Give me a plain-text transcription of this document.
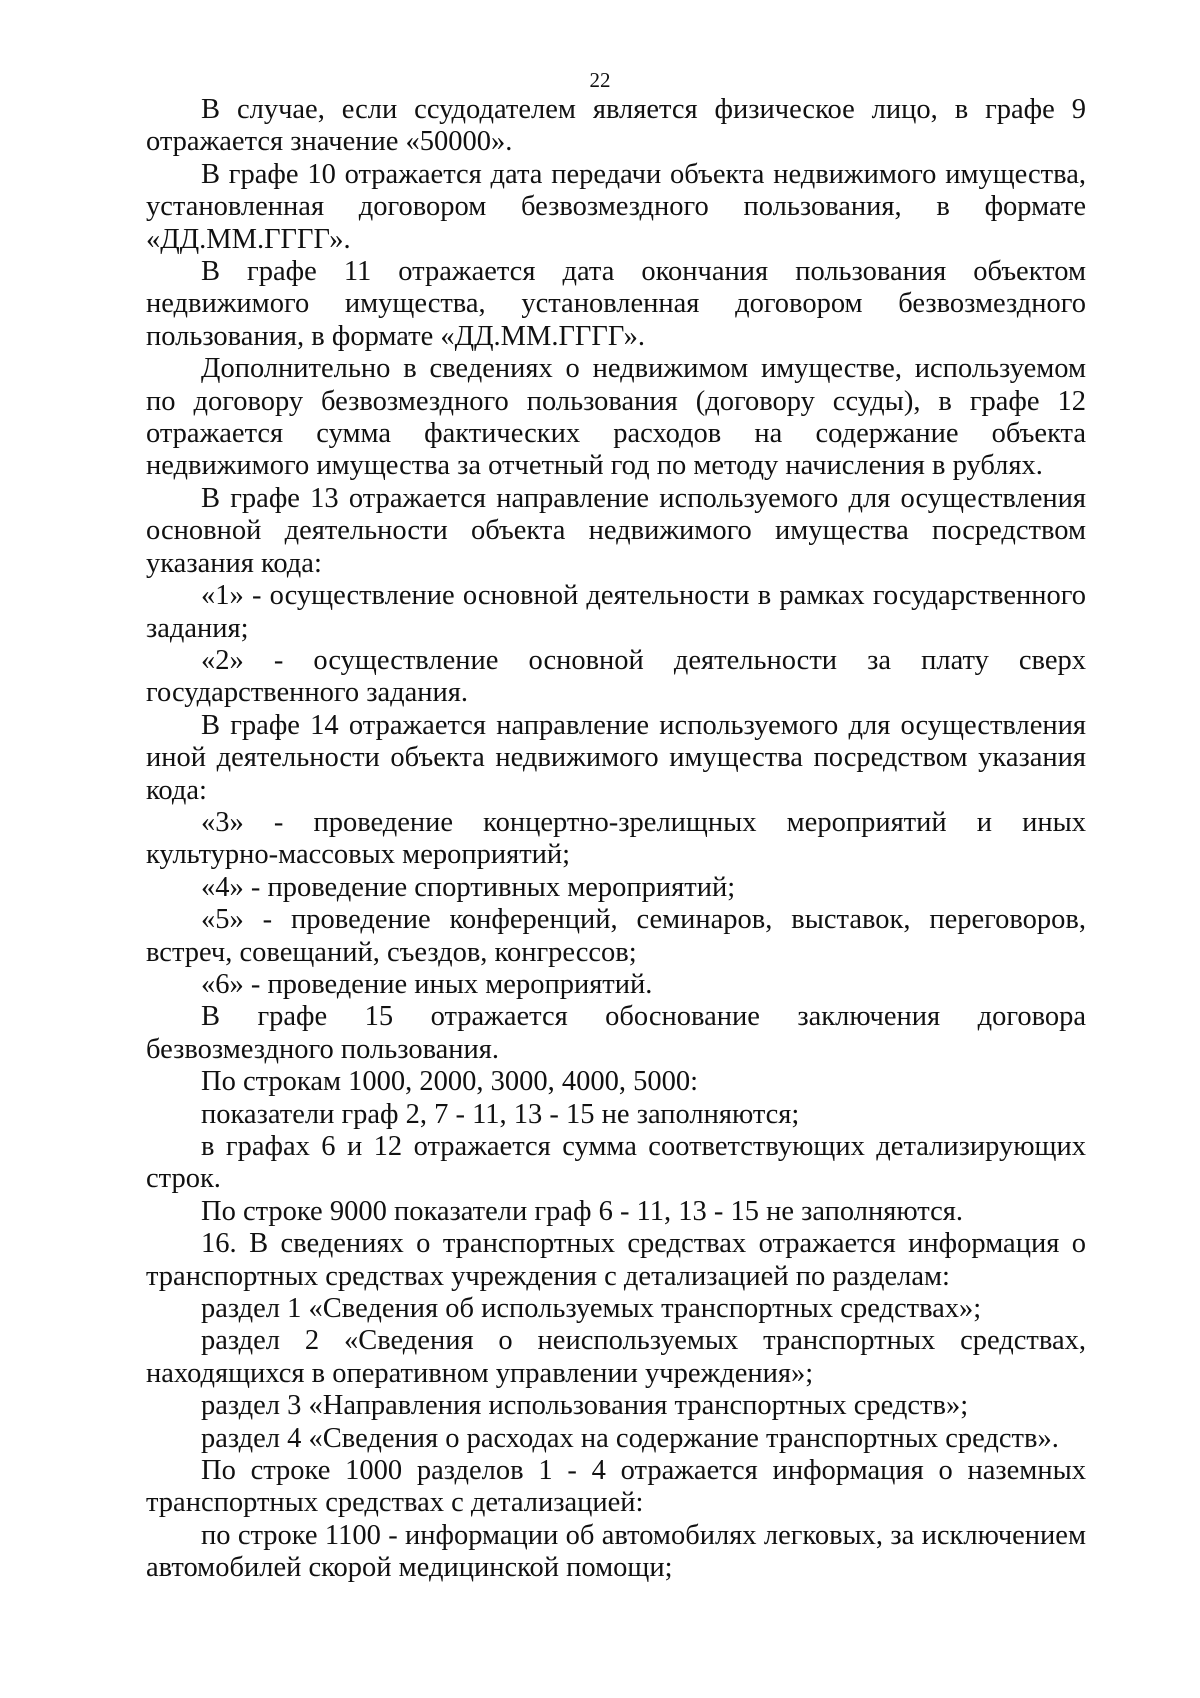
22

В случае, если ссудодателем является физическое лицо, в графе 9 отражается значение «50000».

В графе 10 отражается дата передачи объекта недвижимого имущества, установленная договором безвозмездного пользования, в формате «ДД.ММ.ГГГГ».

В графе 11 отражается дата окончания пользования объектом недвижимого имущества, установленная договором безвозмездного пользования, в формате «ДД.ММ.ГГГГ».

Дополнительно в сведениях о недвижимом имуществе, используемом по договору безвозмездного пользования (договору ссуды), в графе 12 отражается сумма фактических расходов на содержание объекта недвижимого имущества за отчетный год по методу начисления в рублях.

В графе 13 отражается направление используемого для осуществления основной деятельности объекта недвижимого имущества посредством указания кода:

«1» - осуществление основной деятельности в рамках государственного задания;

«2» - осуществление основной деятельности за плату сверх государственного задания.

В графе 14 отражается направление используемого для осуществления иной деятельности объекта недвижимого имущества посредством указания кода:

«3» - проведение концертно-зрелищных мероприятий и иных культурно-массовых мероприятий;

«4» - проведение спортивных мероприятий;

«5» - проведение конференций, семинаров, выставок, переговоров, встреч, совещаний, съездов, конгрессов;

«6» - проведение иных мероприятий.

В графе 15 отражается обоснование заключения договора безвозмездного пользования.

По строкам 1000, 2000, 3000, 4000, 5000:

показатели граф 2, 7 - 11, 13 - 15 не заполняются;

в графах 6 и 12 отражается сумма соответствующих детализирующих строк.

По строке 9000 показатели граф 6 - 11, 13 - 15 не заполняются.

16. В сведениях о транспортных средствах отражается информация о транспортных средствах учреждения с детализацией по разделам:

раздел 1 «Сведения об используемых транспортных средствах»;

раздел 2 «Сведения о неиспользуемых транспортных средствах, находящихся в оперативном управлении учреждения»;

раздел 3 «Направления использования транспортных средств»;

раздел 4 «Сведения о расходах на содержание транспортных средств».

По строке 1000 разделов 1 - 4 отражается информация о наземных транспортных средствах с детализацией:

по строке 1100 - информации об автомобилях легковых, за исключением автомобилей скорой медицинской помощи;
